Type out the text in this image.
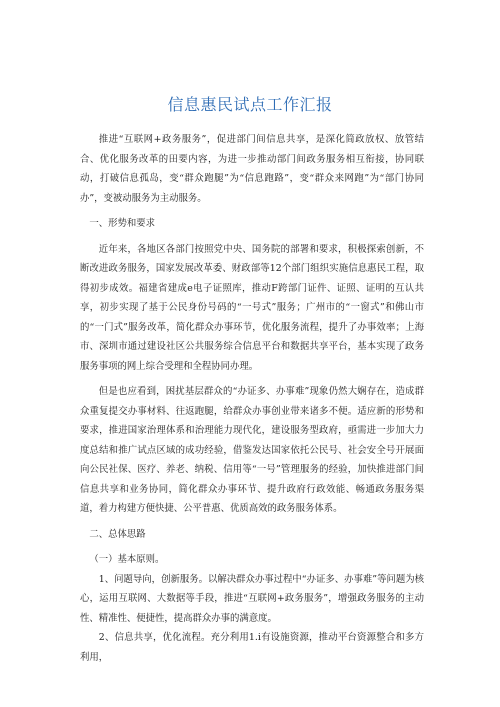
信息惠民试点工作汇报

推进“互联网+政务服务”，促进部门间信息共享，是深化简政放权、放管结合、优化服务改革的田要内容，为进一步推动部门间政务服务相互衔接，协同联动，打破信息孤岛，变“群众跑腿”为“信息跑路”，变“群众来网跑”为“部门协同办”，变被动服务为主动服务。

一、形势和要求

近年来，各地区各部门按照党中央、国务院的部署和要求，积极探索创新，不断改进政务服务，国家发展改革委、财政部等12个部门组织实施信息惠民工程，取得初步成效。福建省建成e电子证照库，推动F跨部门证件、证照、证明的互认共享，初步实现了基于公民身份号码的“一号式”服务；广州市的“一窗式”和佛山市的“一门式”服务改革，简化群众办事环节，优化服务流程，提升了办事效率；上海市、深圳市通过建设社区公共服务综合信息平台和数据共享平台，基本实现了政务服务事项的网上综合受理和全程协同办理。

但是也应看到，困扰基层群众的“办证多、办事难”现象仍然大娴存在，造成群众重复提交办事材料、往返跑腿，给群众办事创业带来诸多不便。适应新的形势和要求，推进国家治理体系和治理能力现代化，建设服务型政府，亟需进一步加大力度总结和推广试点区域的成功经验，借鉴发达国家依托公民号、社会安全号开展面向公民社保、医疗、养老、纳税、信用等“一号”管理服务的经验，加快推进部门间信息共享和业务协同，简化群众办事环节、提升政府行政效能、畅通政务服务渠道，着力构建方便快捷、公平普惠、优质高效的政务服务体系。

二、总体思路

（一）基本原则。

1、问题导向，创新服务。以解决群众办事过程中“办证多、办事难”等问题为核心，运用互联网、大数据等手段，推进“互联网+政务服务”，增强政务服务的主动性、精准性、便捷性，提高群众办事的满意度。

2、信息共享，优化流程。充分利用1.i有设施资源，推动平台资源整合和多方利用，
